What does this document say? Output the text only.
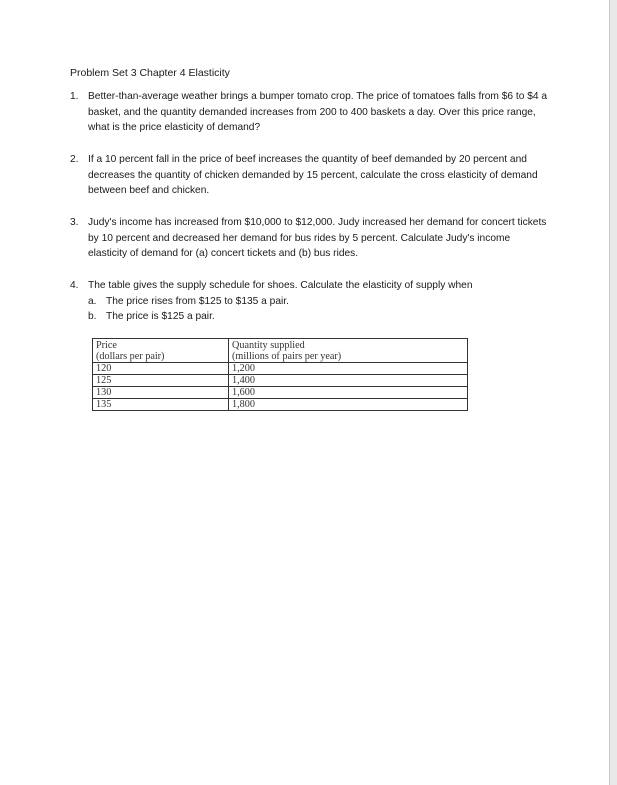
Problem Set 3 Chapter 4 Elasticity
1. Better-than-average weather brings a bumper tomato crop. The price of tomatoes falls from $6 to $4 a basket, and the quantity demanded increases from 200 to 400 baskets a day. Over this price range, what is the price elasticity of demand?
2. If a 10 percent fall in the price of beef increases the quantity of beef demanded by 20 percent and decreases the quantity of chicken demanded by 15 percent, calculate the cross elasticity of demand between beef and chicken.
3. Judy's income has increased from $10,000 to $12,000. Judy increased her demand for concert tickets by 10 percent and decreased her demand for bus rides by 5 percent. Calculate Judy's income elasticity of demand for (a) concert tickets and (b) bus rides.
4. The table gives the supply schedule for shoes. Calculate the elasticity of supply when
a. The price rises from $125 to $135 a pair.
b. The price is $125 a pair.
Price	Quantity supplied
(dollars per pair)	(millions of pairs per year)
120	1,200
125	1,400
130	1,600
135	1,800
